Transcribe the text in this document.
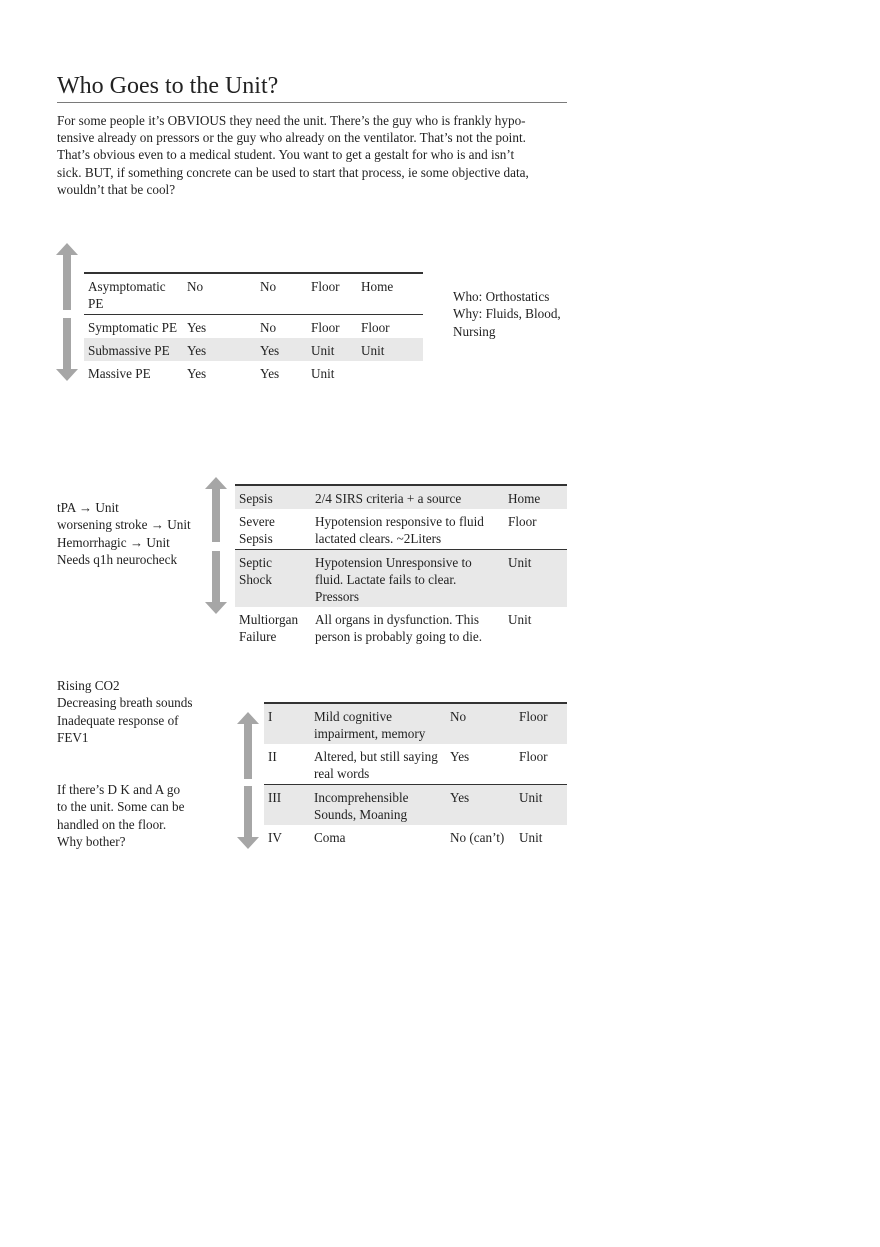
Who Goes to the Unit?

For some people it’s OBVIOUS they need the unit. There’s the guy who is frankly hypo-

tensive already on pressors or the guy who already on the ventilator. That’s not the point.

That’s obvious even to a medical student. You want to get a gestalt for who is and isn’t

sick. BUT, if something concrete can be used to start that process, ie some objective data,

wouldn’t that be cool?

Asymptomatic PE	No	No	Floor	Home
Symptomatic PE	Yes	No	Floor	Floor
Submassive PE	Yes	Yes	Unit	Unit
Massive PE	Yes	Yes	Unit	
Who: Orthostatics
Why: Fluids, Blood,
Nursing
tPA → Unit
worsening stroke → Unit
Hemorrhagic → Unit
Needs q1h neurocheck
Sepsis	2/4 SIRS criteria + a source	Home
Severe Sepsis	Hypotension responsive to fluid lactated clears. ~2Liters	Floor
Septic Shock	Hypotension Unresponsive to fluid. Lactate fails to clear. Pressors	Unit
Multiorgan Failure	All organs in dysfunction. This person is probably going to die.	Unit
Rising CO2
Decreasing breath sounds
Inadequate response of
FEV1
If there’s D K and A go
to the unit. Some can be
handled on the floor.
Why bother?
I	Mild cognitive impairment, memory	No	Floor
II	Altered, but still saying real words	Yes	Floor
III	Incomprehensible Sounds, Moaning	Yes	Unit
IV	Coma	No (can’t)	Unit
